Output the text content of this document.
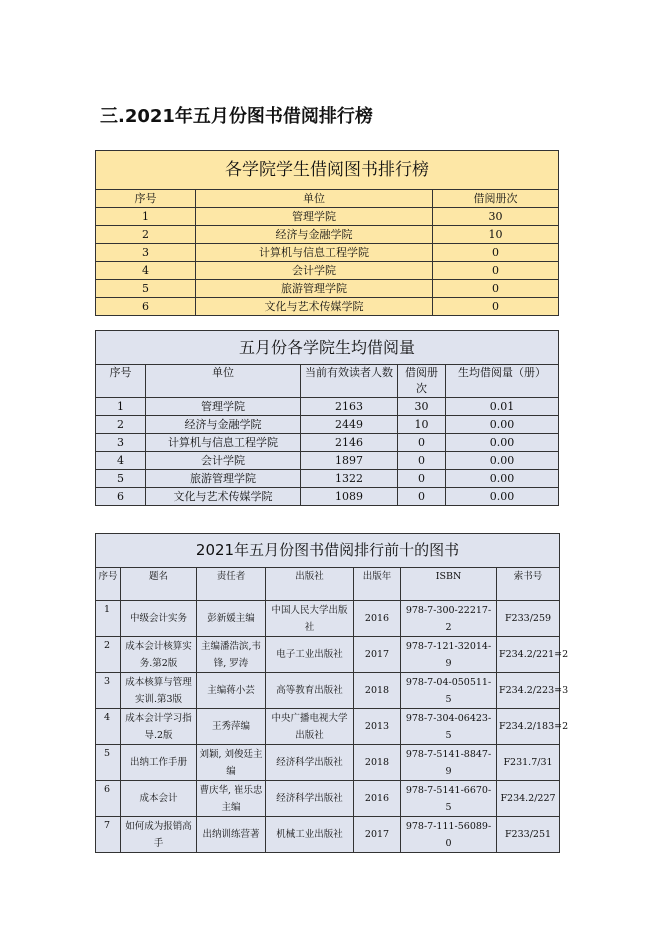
三.2021年五月份图书借阅排行榜
各学院学生借阅图书排行榜		
序号	单位	借阅册次
1	管理学院	30
2	经济与金融学院	10
3	计算机与信息工程学院	0
4	会计学院	0
5	旅游管理学院	0
6	文化与艺术传媒学院	0
五月份各学院生均借阅量				
序号	单位	当前有效读者人数	借阅册次	生均借阅量（册）
1	管理学院	2163	30	0.01
2	经济与金融学院	2449	10	0.00
3	计算机与信息工程学院	2146	0	0.00
4	会计学院	1897	0	0.00
5	旅游管理学院	1322	0	0.00
6	文化与艺术传媒学院	1089	0	0.00
2021年五月份图书借阅排行前十的图书						
序号	题名	责任者	出版社	出版年	ISBN	索书号
1	中级会计实务	彭新媛主编	中国人民大学出版社	2016	978-7-300-22217-2	F233/259
2	成本会计核算实务.第2版	主编潘浩滨,韦锋, 罗涛	电子工业出版社	2017	978-7-121-32014-9	F234.2/221=2
3	成本核算与管理实训.第3版	主编蒋小芸	高等教育出版社	2018	978-7-04-050511-5	F234.2/223=3
4	成本会计学习指导.2版	王秀萍编	中央广播电视大学出版社	2013	978-7-304-06423-5	F234.2/183=2
5	出纳工作手册	刘颖, 刘俊廷主编	经济科学出版社	2018	978-7-5141-8847-9	F231.7/31
6	成本会计	曹庆华, 崔乐忠主编	经济科学出版社	2016	978-7-5141-6670-5	F234.2/227
7	如何成为报销高手	出纳训练营著	机械工业出版社	2017	978-7-111-56089-0	F233/251
